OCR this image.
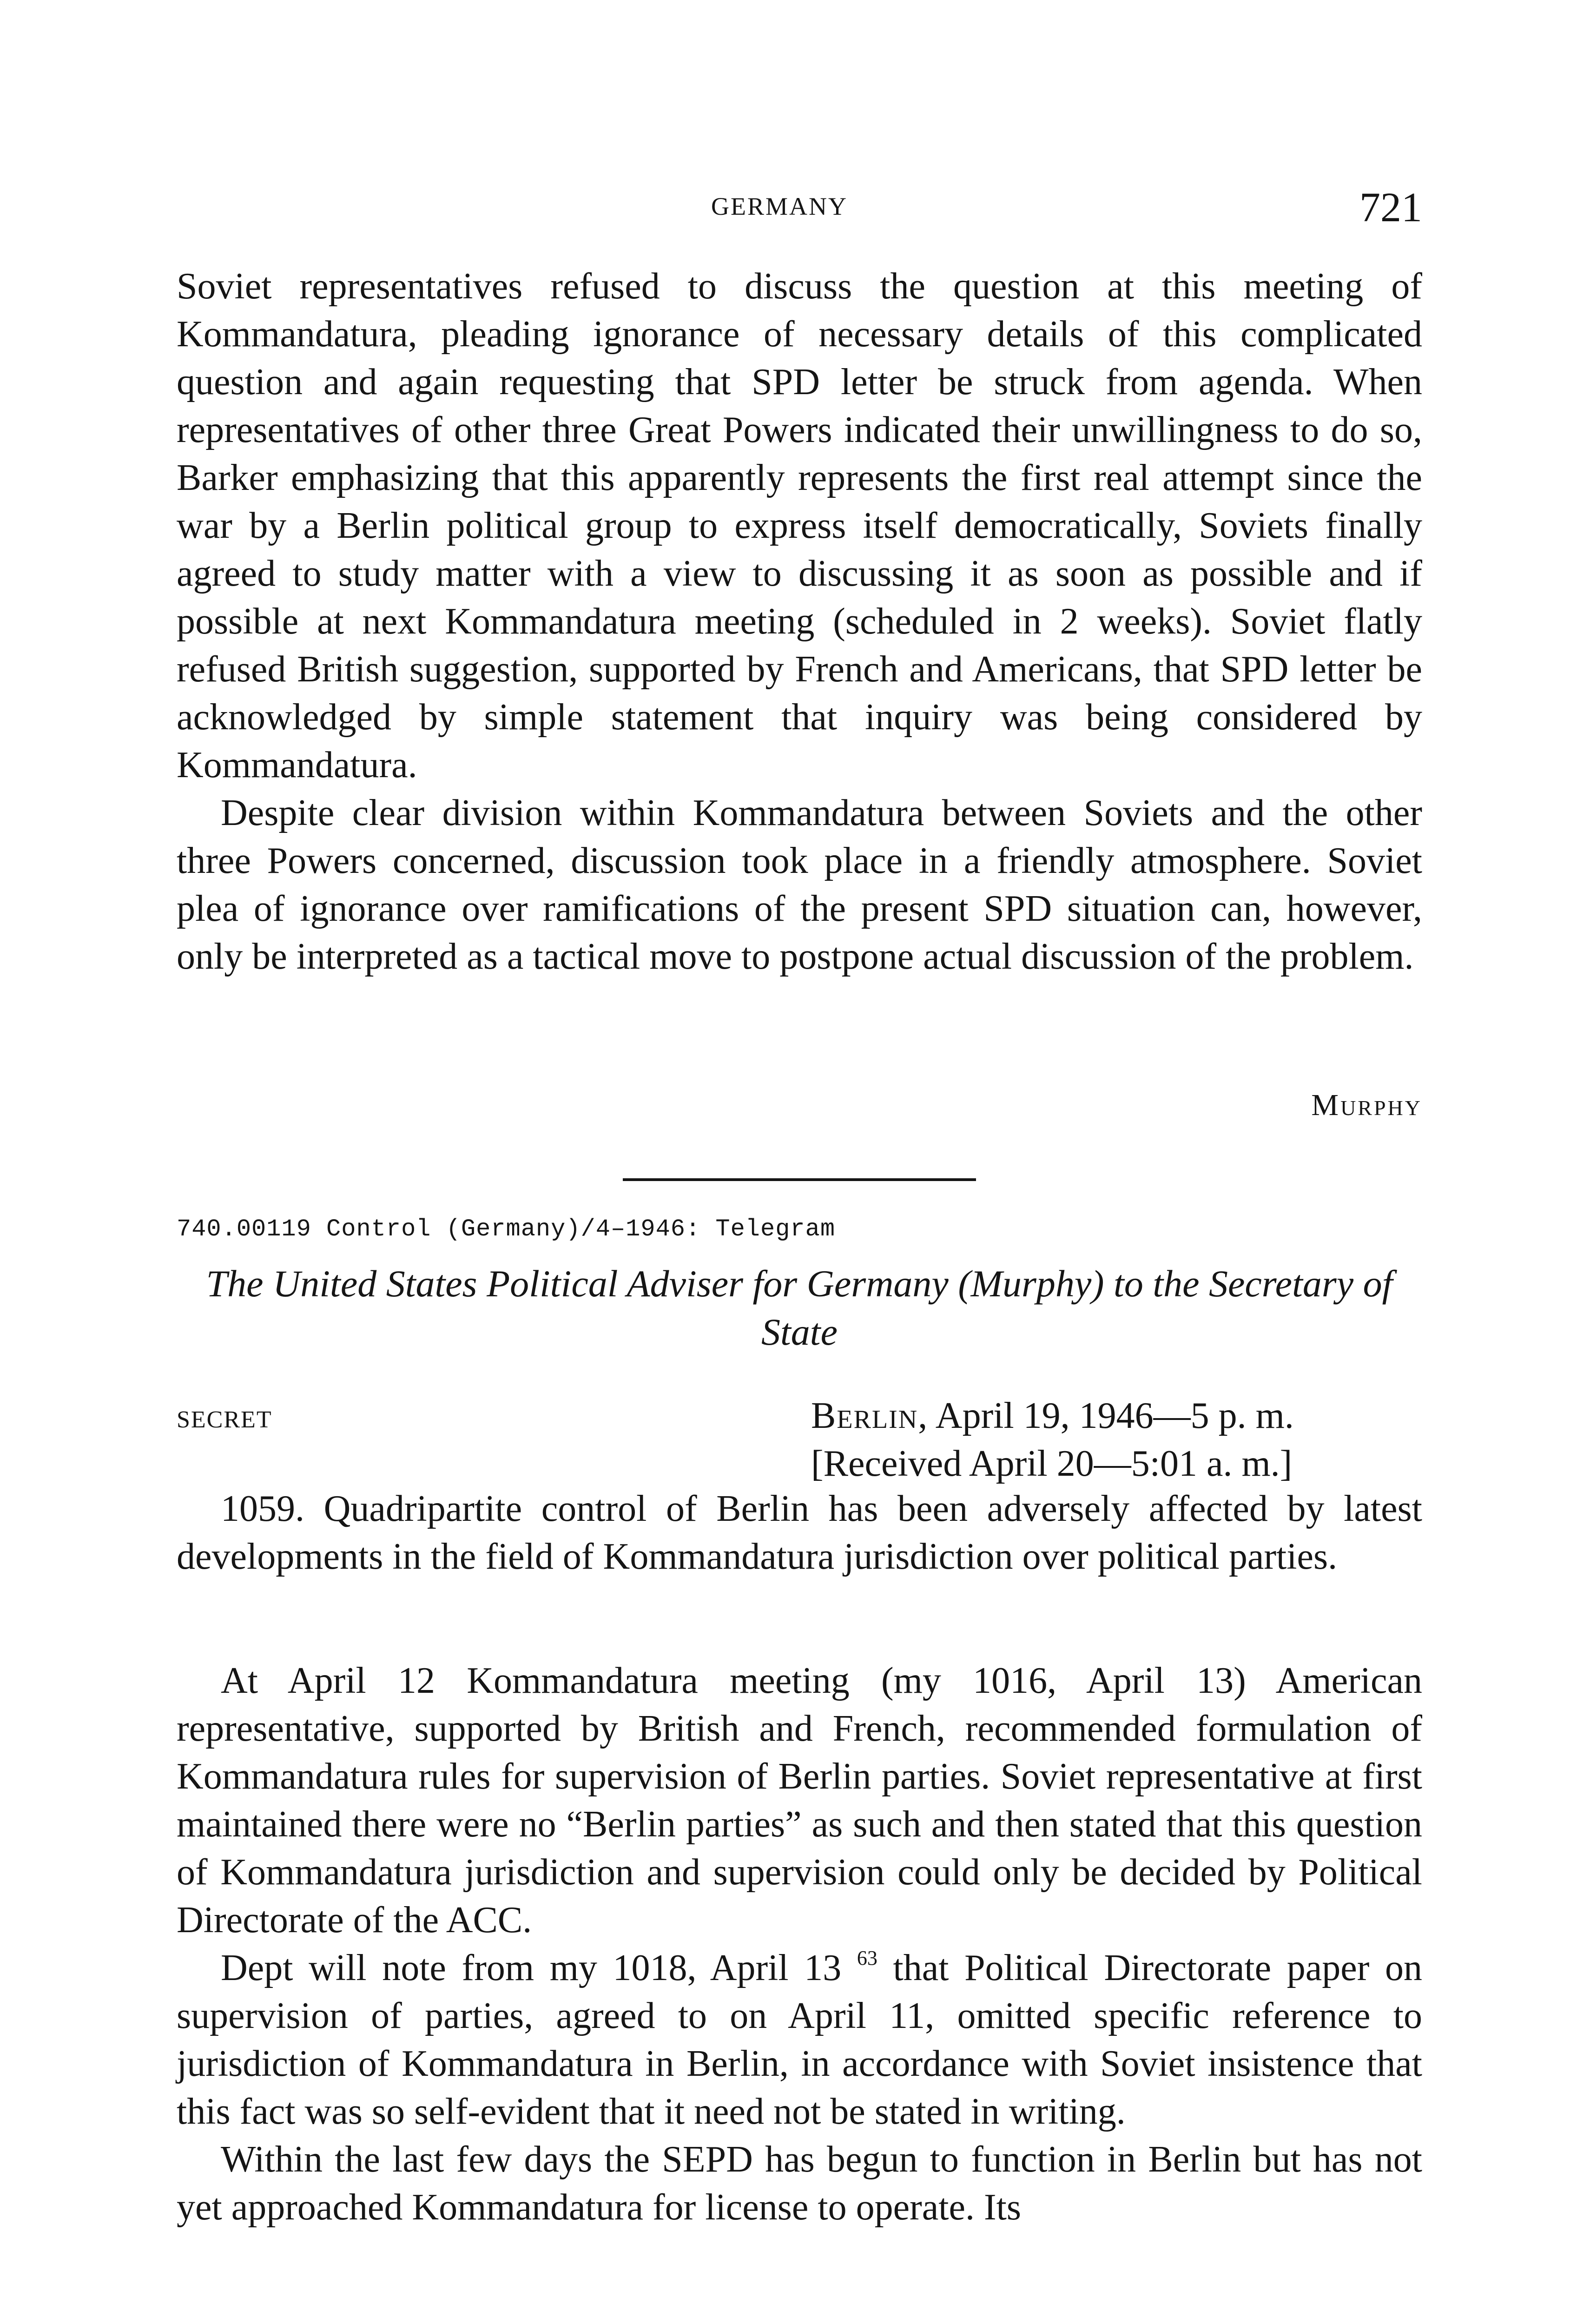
GERMANY	721

Soviet representatives refused to discuss the question at this meeting of Kommandatura, pleading ignorance of necessary details of this complicated question and again requesting that SPD letter be struck from agenda. When representatives of other three Great Powers indicated their unwillingness to do so, Barker emphasizing that this apparently represents the first real attempt since the war by a Berlin political group to express itself democratically, Soviets finally agreed to study matter with a view to discussing it as soon as possible and if possible at next Kommandatura meeting (scheduled in 2 weeks). Soviet flatly refused British suggestion, supported by French and Americans, that SPD letter be acknowledged by simple statement that inquiry was being considered by Kommandatura.

Despite clear division within Kommandatura between Soviets and the other three Powers concerned, discussion took place in a friendly atmosphere. Soviet plea of ignorance over ramifications of the present SPD situation can, however, only be interpreted as a tactical move to postpone actual discussion of the problem.

Murphy
740.00119 Control (Germany)/4–1946: Telegram
The United States Political Adviser for Germany (Murphy) to the Secretary of State
SECRET	Berlin, April 19, 1946—5 p. m.
[Received April 20—5:01 a. m.]

1059. Quadripartite control of Berlin has been adversely affected by latest developments in the field of Kommandatura jurisdiction over political parties.

At April 12 Kommandatura meeting (my 1016, April 13) American representative, supported by British and French, recommended formulation of Kommandatura rules for supervision of Berlin parties. Soviet representative at first maintained there were no “Berlin parties” as such and then stated that this question of Kommandatura jurisdiction and supervision could only be decided by Political Directorate of the ACC.

Dept will note from my 1018, April 13 $^{63}$ that Political Directorate paper on supervision of parties, agreed to on April 11, omitted specific reference to jurisdiction of Kommandatura in Berlin, in accordance with Soviet insistence that this fact was so self-evident that it need not be stated in writing.

Within the last few days the SEPD has begun to function in Berlin but has not yet approached Kommandatura for license to operate. Its
